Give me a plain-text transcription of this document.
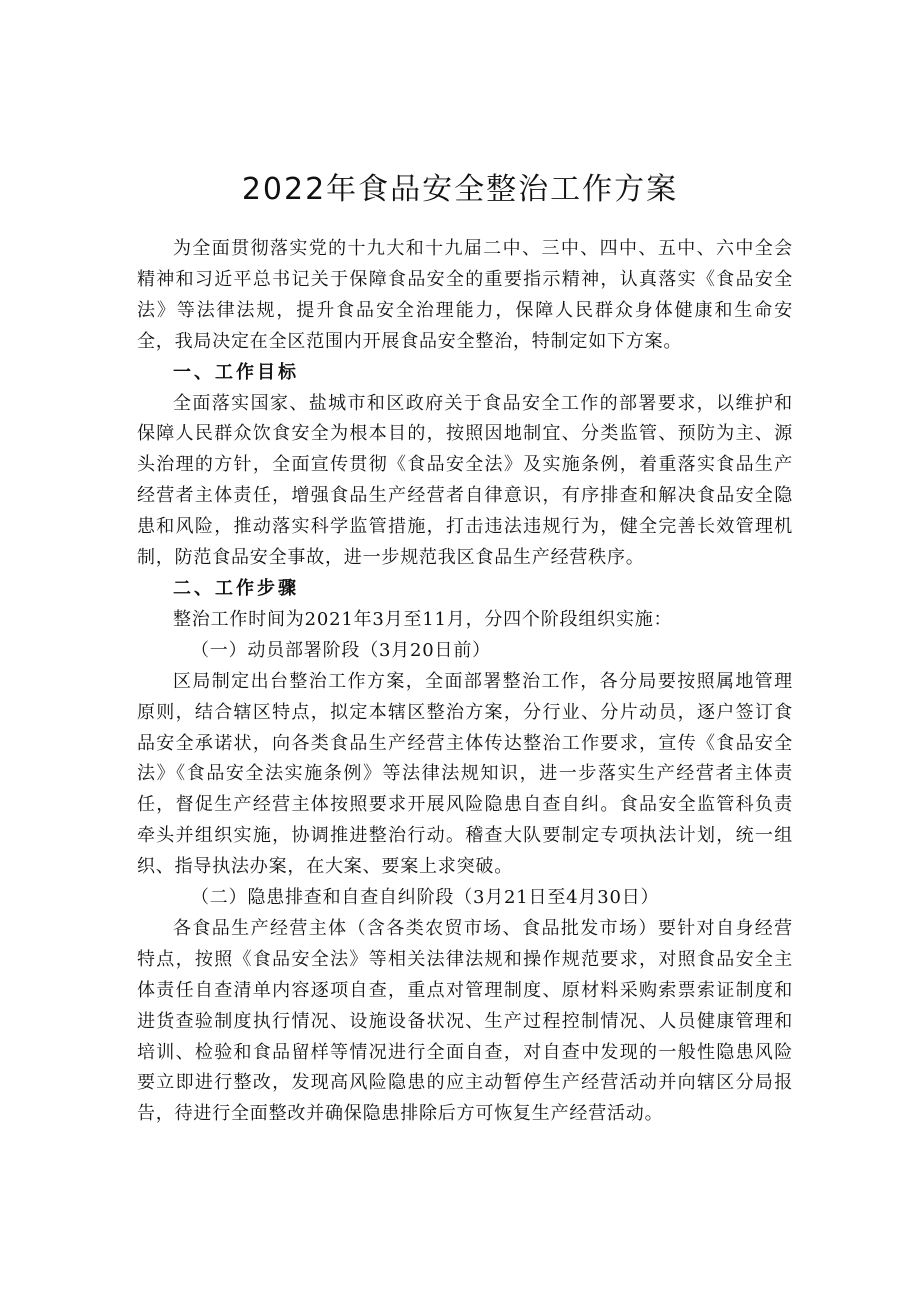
2022年食品安全整治工作方案

为全面贯彻落实党的十九大和十九届二中、三中、四中、五中、六中全会精神和习近平总书记关于保障食品安全的重要指示精神，认真落实《食品安全法》等法律法规，提升食品安全治理能力，保障人民群众身体健康和生命安全，我局决定在全区范围内开展食品安全整治，特制定如下方案。

一、工作目标

全面落实国家、盐城市和区政府关于食品安全工作的部署要求，以维护和保障人民群众饮食安全为根本目的，按照因地制宜、分类监管、预防为主、源头治理的方针，全面宣传贯彻《食品安全法》及实施条例，着重落实食品生产经营者主体责任，增强食品生产经营者自律意识，有序排查和解决食品安全隐患和风险，推动落实科学监管措施，打击违法违规行为，健全完善长效管理机制，防范食品安全事故，进一步规范我区食品生产经营秩序。

二、工作步骤

整治工作时间为2021年3月至11月，分四个阶段组织实施：

（一）动员部署阶段（3月20日前）

区局制定出台整治工作方案，全面部署整治工作，各分局要按照属地管理原则，结合辖区特点，拟定本辖区整治方案，分行业、分片动员，逐户签订食品安全承诺状，向各类食品生产经营主体传达整治工作要求，宣传《食品安全法》《食品安全法实施条例》等法律法规知识，进一步落实生产经营者主体责任，督促生产经营主体按照要求开展风险隐患自查自纠。食品安全监管科负责牵头并组织实施，协调推进整治行动。稽查大队要制定专项执法计划，统一组织、指导执法办案，在大案、要案上求突破。

（二）隐患排查和自查自纠阶段（3月21日至4月30日）

各食品生产经营主体（含各类农贸市场、食品批发市场）要针对自身经营特点，按照《食品安全法》等相关法律法规和操作规范要求，对照食品安全主体责任自查清单内容逐项自查，重点对管理制度、原材料采购索票索证制度和进货查验制度执行情况、设施设备状况、生产过程控制情况、人员健康管理和培训、检验和食品留样等情况进行全面自查，对自查中发现的一般性隐患风险要立即进行整改，发现高风险隐患的应主动暂停生产经营活动并向辖区分局报告，待进行全面整改并确保隐患排除后方可恢复生产经营活动。
